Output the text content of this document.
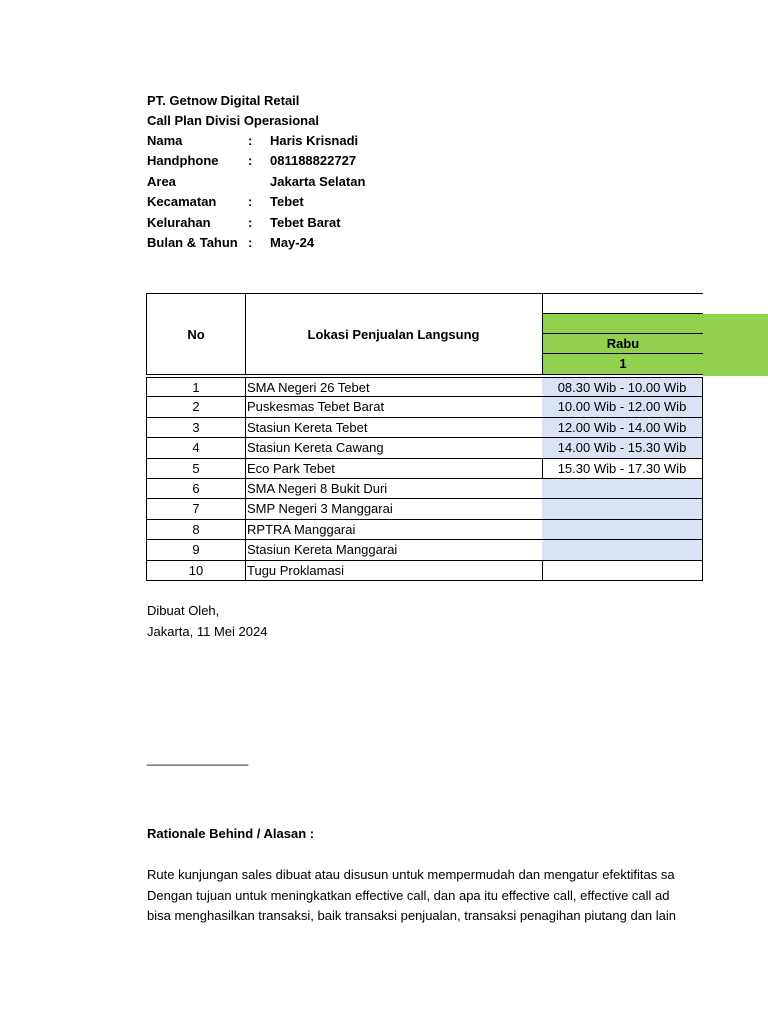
PT. Getnow Digital Retail
Call Plan Divisi Operasional
Nama	: Haris Krisnadi
Handphone : 081188822727
Area	Jakarta Selatan
Kecamatan : Tebet
Kelurahan	: Tebet Barat
Bulan & Tahun : May-24
No	Lokasi Penjualan Langsung
Rabu
1
1	SMA Negeri 26 Tebet	08.30 Wib - 10.00 Wib
2	Puskesmas Tebet Barat	10.00 Wib - 12.00 Wib
3	Stasiun Kereta Tebet	12.00 Wib - 14.00 Wib
4	Stasiun Kereta Cawang	14.00 Wib - 15.30 Wib
5	Eco Park Tebet	15.30 Wib - 17.30 Wib
6	SMA Negeri 8 Bukit Duri
7	SMP Negeri 3 Manggarai
8	RPTRA Manggarai
9	Stasiun Kereta Manggarai
10	Tugu Proklamasi
Dibuat Oleh,
Jakarta, 11 Mei 2024
______________
Rationale Behind / Alasan :
Rute kunjungan sales dibuat atau disusun untuk mempermudah dan mengatur efektifitas sa
Dengan tujuan untuk meningkatkan effective call, dan apa itu effective call, effective call ad
bisa menghasilkan transaksi, baik transaksi penjualan, transaksi penagihan piutang dan lain
